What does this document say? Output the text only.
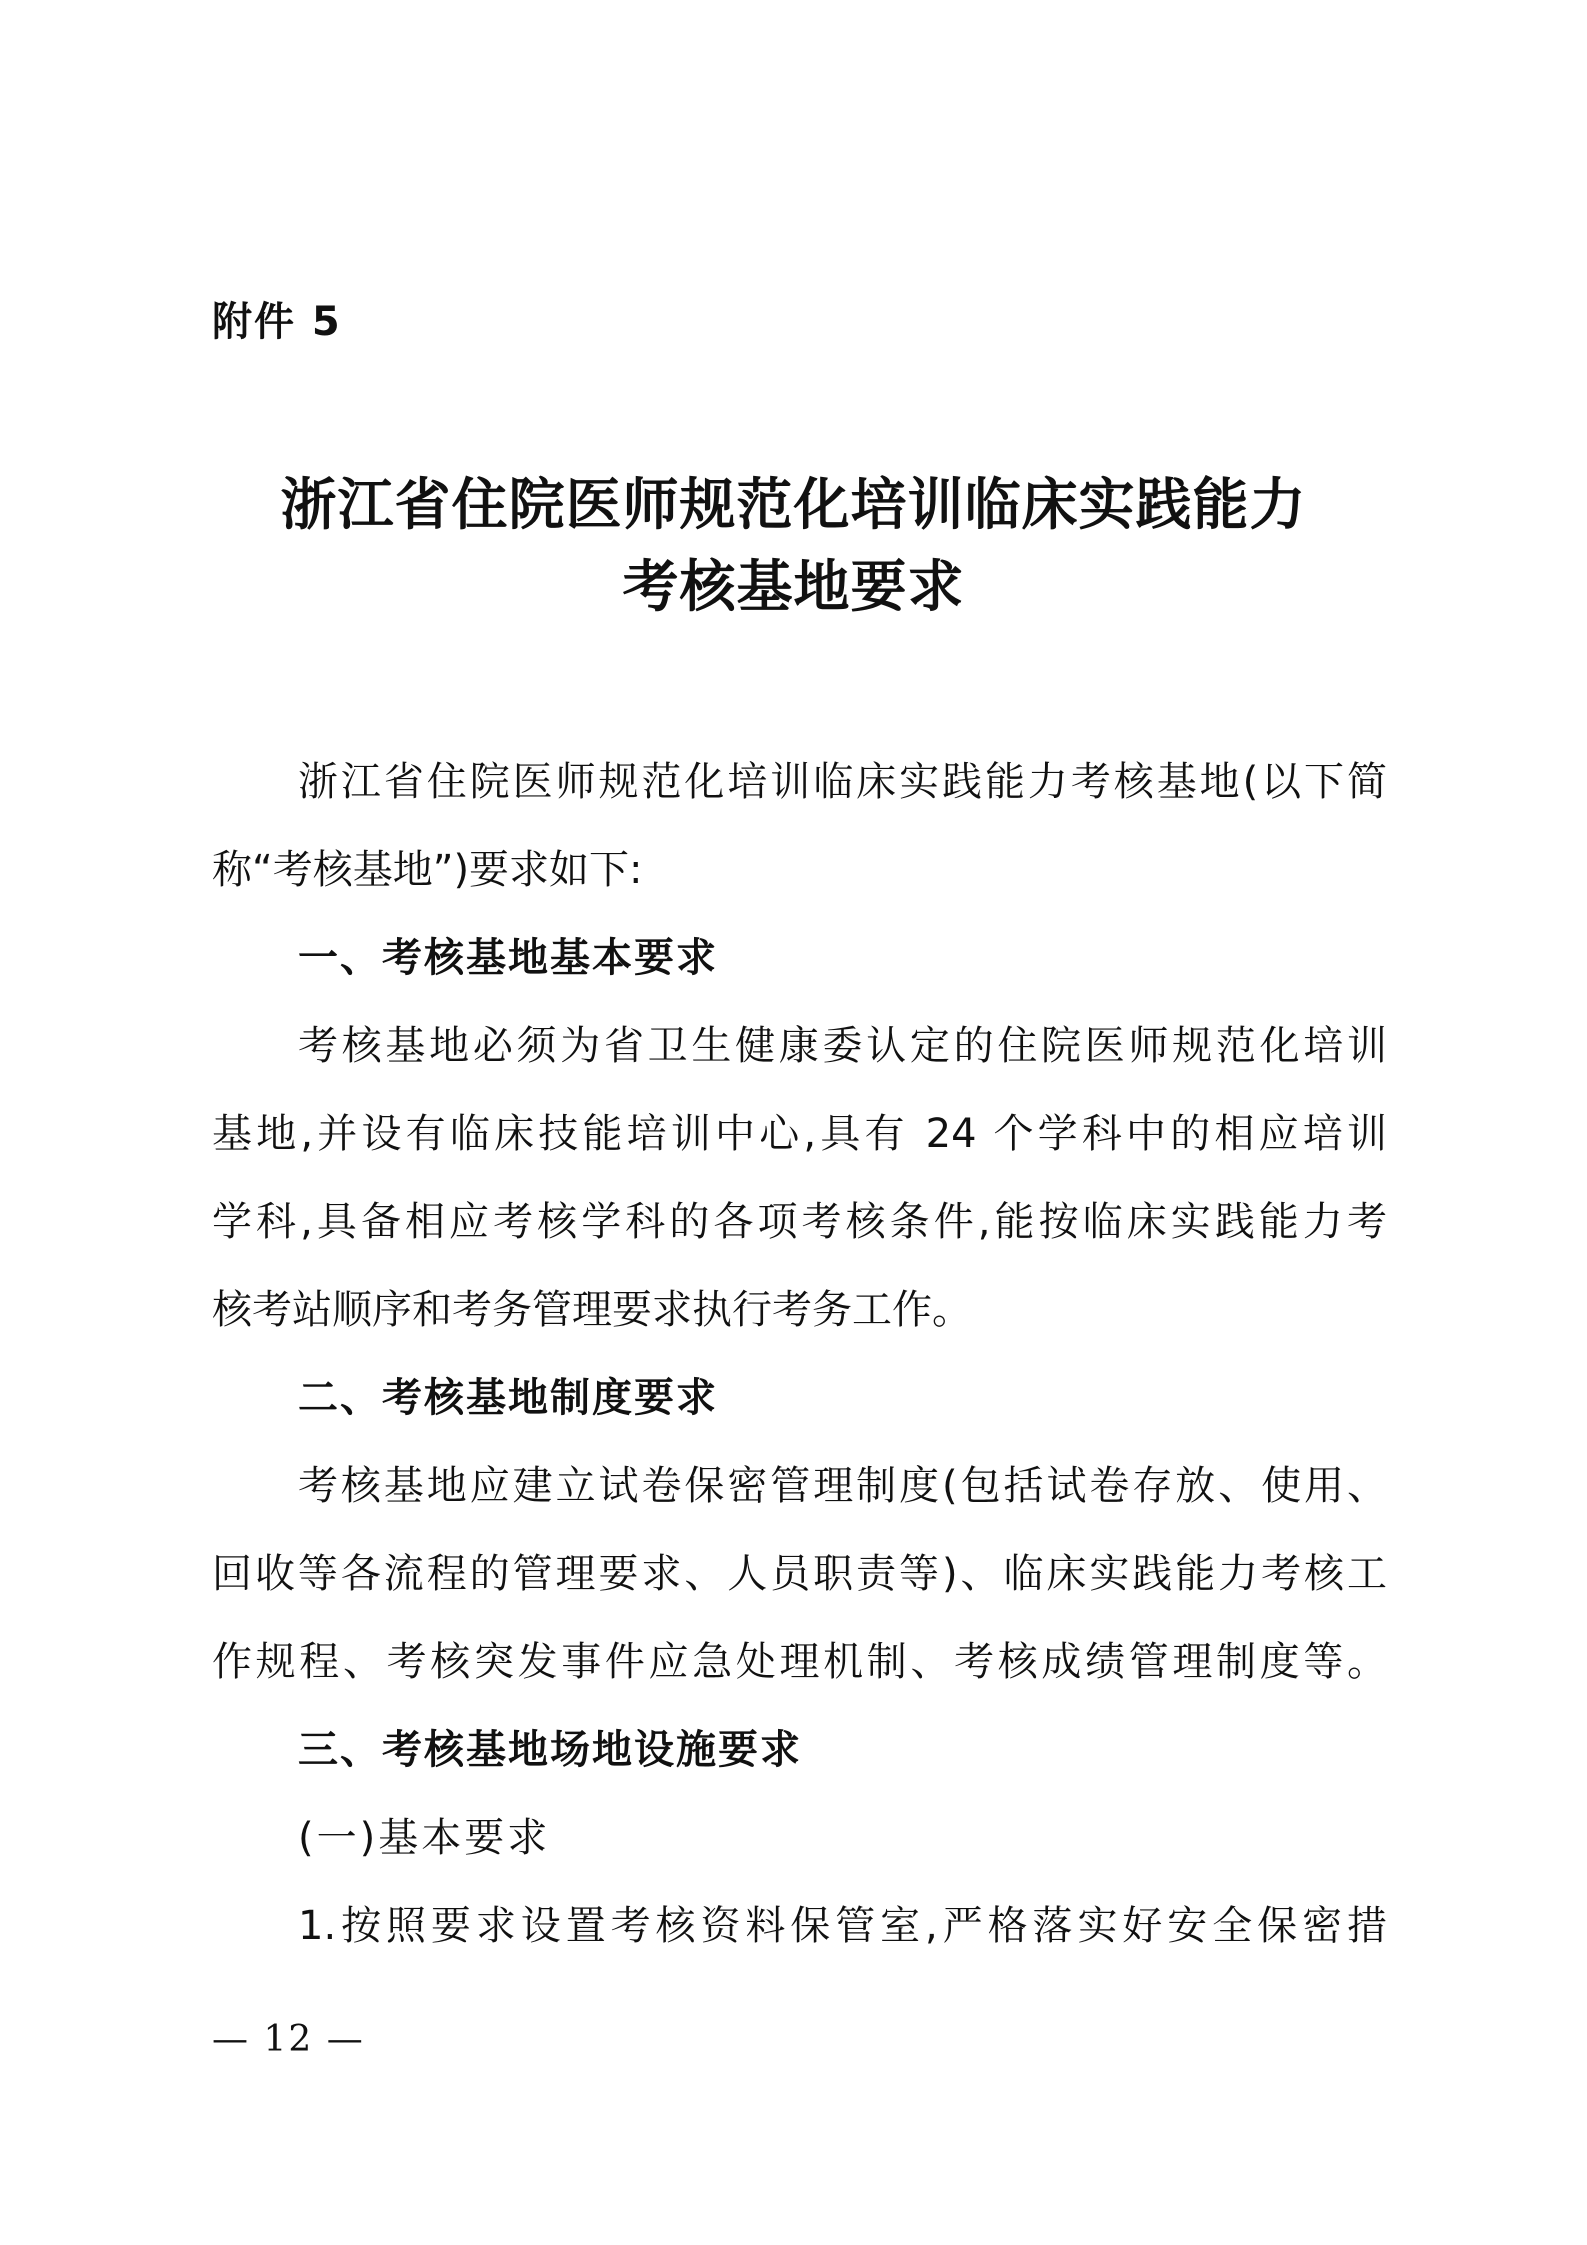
附件 5
浙江省住院医师规范化培训临床实践能力
考核基地要求
浙江省住院医师规范化培训临床实践能力考核基地(以下简
称“考核基地”)要求如下:
一、考核基地基本要求
考核基地必须为省卫生健康委认定的住院医师规范化培训
基地,并设有临床技能培训中心,具有 24 个学科中的相应培训
学科,具备相应考核学科的各项考核条件,能按临床实践能力考
核考站顺序和考务管理要求执行考务工作。
二、考核基地制度要求
考核基地应建立试卷保密管理制度(包括试卷存放、使用、
回收等各流程的管理要求、人员职责等)、临床实践能力考核工
作规程、考核突发事件应急处理机制、考核成绩管理制度等。
三、考核基地场地设施要求
(一)基本要求
1.按照要求设置考核资料保管室,严格落实好安全保密措
— 12 —
